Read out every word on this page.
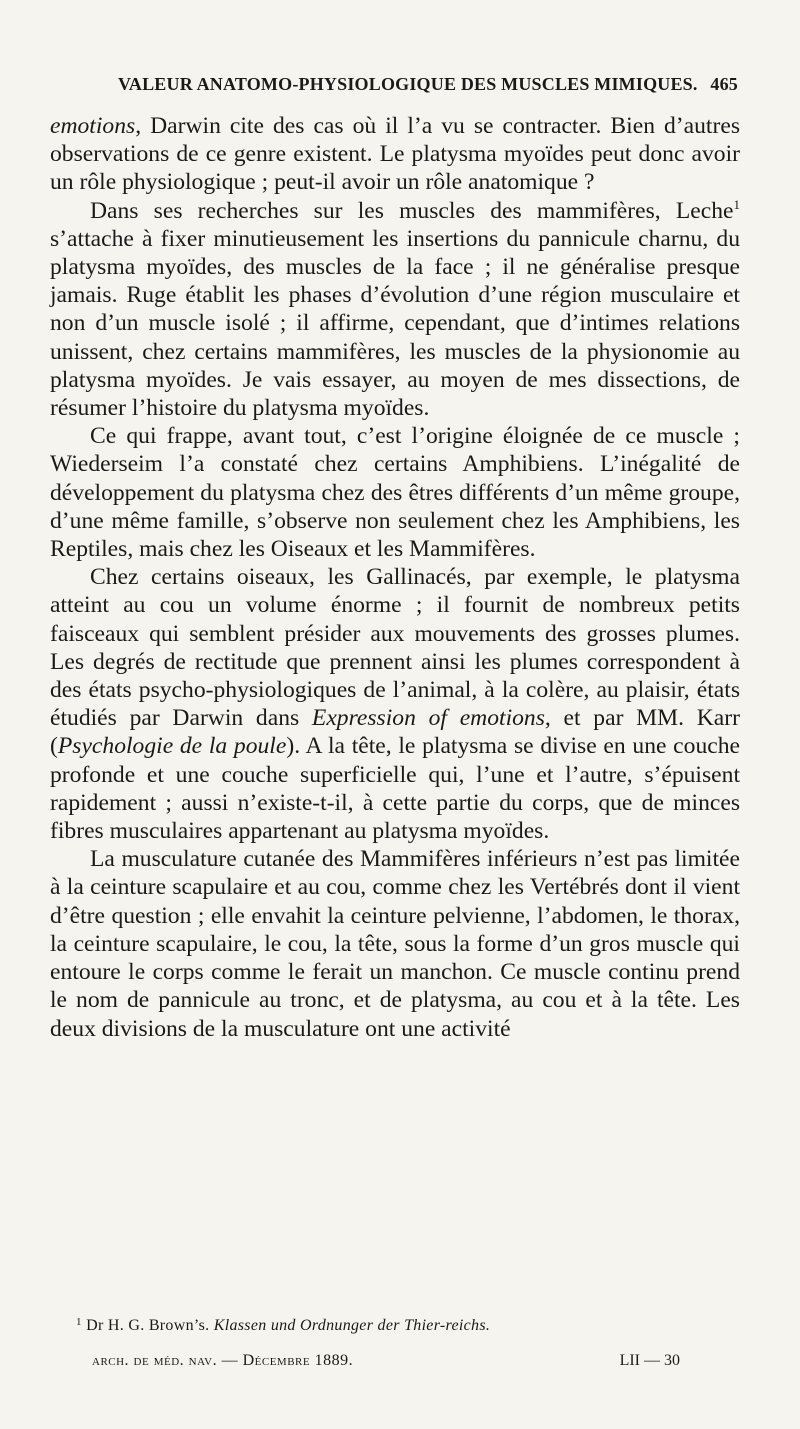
VALEUR ANATOMO-PHYSIOLOGIQUE DES MUSCLES MIMIQUES. 465

emotions, Darwin cite des cas où il l’a vu se contracter. Bien d’autres observations de ce genre existent. Le platysma myoïdes peut donc avoir un rôle physiologique ; peut-il avoir un rôle anatomique ?

Dans ses recherches sur les muscles des mammifères, Leche$^1$ s’attache à fixer minutieusement les insertions du pannicule charnu, du platysma myoïdes, des muscles de la face ; il ne généralise presque jamais. Ruge établit les phases d’évolution d’une région musculaire et non d’un muscle isolé ; il affirme, cependant, que d’intimes relations unissent, chez certains mammifères, les muscles de la physionomie au platysma myoïdes. Je vais essayer, au moyen de mes dissections, de résumer l’histoire du platysma myoïdes.

Ce qui frappe, avant tout, c’est l’origine éloignée de ce muscle ; Wiederseim l’a constaté chez certains Amphibiens. L’inégalité de développement du platysma chez des êtres différents d’un même groupe, d’une même famille, s’observe non seulement chez les Amphibiens, les Reptiles, mais chez les Oiseaux et les Mammifères.

Chez certains oiseaux, les Gallinacés, par exemple, le platysma atteint au cou un volume énorme ; il fournit de nombreux petits faisceaux qui semblent présider aux mouvements des grosses plumes. Les degrés de rectitude que prennent ainsi les plumes correspondent à des états psycho-physiologiques de l’animal, à la colère, au plaisir, états étudiés par Darwin dans Expression of emotions, et par MM. Karr (Psychologie de la poule). A la tête, le platysma se divise en une couche profonde et une couche superficielle qui, l’une et l’autre, s’épuisent rapidement ; aussi n’existe-t-il, à cette partie du corps, que de minces fibres musculaires appartenant au platysma myoïdes.

La musculature cutanée des Mammifères inférieurs n’est pas limitée à la ceinture scapulaire et au cou, comme chez les Vertébrés dont il vient d’être question ; elle envahit la ceinture pelvienne, l’abdomen, le thorax, la ceinture scapulaire, le cou, la tête, sous la forme d’un gros muscle qui entoure le corps comme le ferait un manchon. Ce muscle continu prend le nom de pannicule au tronc, et de platysma, au cou et à la tête. Les deux divisions de la musculature ont une activité

$^1$ Dr H. G. Brown’s. Klassen und Ordnunger der Thier-reichs.
arch. de méd. nav. — Décembre 1889.	LII — 30
